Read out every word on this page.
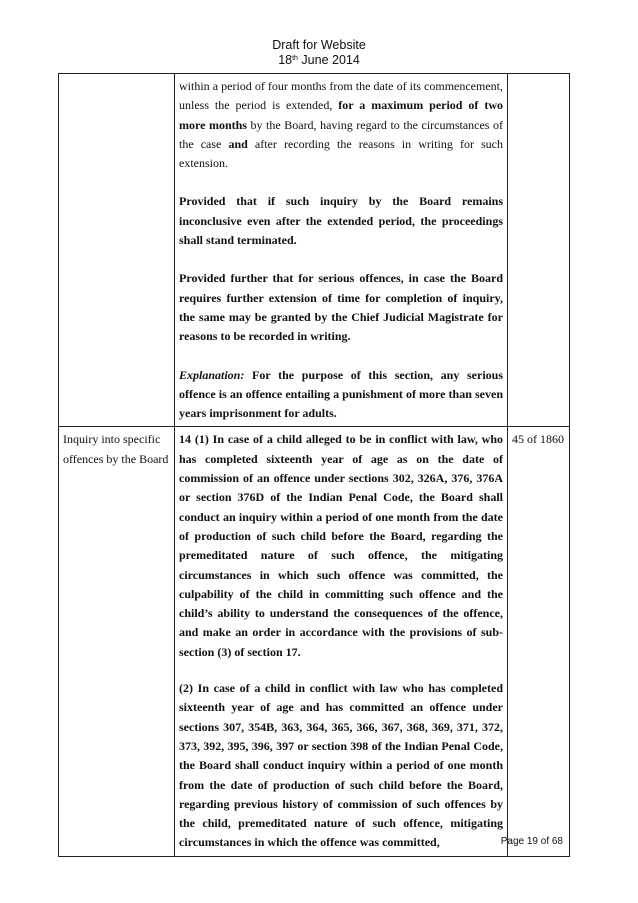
Draft for Website
18th June 2014

	within a period of four months from the date of its commencement, unless the period is extended, for a maximum period of two more months by the Board, having regard to the circumstances of the case and after recording the reasons in writing for such extension.

Provided that if such inquiry by the Board remains inconclusive even after the extended period, the proceedings shall stand terminated.

Provided further that for serious offences, in case the Board requires further extension of time for completion of inquiry, the same may be granted by the Chief Judicial Magistrate for reasons to be recorded in writing.

Explanation: For the purpose of this section, any serious offence is an offence entailing a punishment of more than seven years imprisonment for adults.	

Inquiry into specific offences by the Board	14 (1) In case of a child alleged to be in conflict with law, who has completed sixteenth year of age as on the date of commission of an offence under sections 302, 326A, 376, 376A or section 376D of the Indian Penal Code, the Board shall conduct an inquiry within a period of one month from the date of production of such child before the Board, regarding the premeditated nature of such offence, the mitigating circumstances in which such offence was committed, the culpability of the child in committing such offence and the child’s ability to understand the consequences of the offence, and make an order in accordance with the provisions of sub-section (3) of section 17.

(2) In case of a child in conflict with law who has completed sixteenth year of age and has committed an offence under sections 307, 354B, 363, 364, 365, 366, 367, 368, 369, 371, 372, 373, 392, 395, 396, 397 or section 398 of the Indian Penal Code, the Board shall conduct inquiry within a period of one month from the date of production of such child before the Board, regarding previous history of commission of such offences by the child, premeditated nature of such offence, mitigating circumstances in which the offence was committed,	45 of 1860
Page 19 of 68
